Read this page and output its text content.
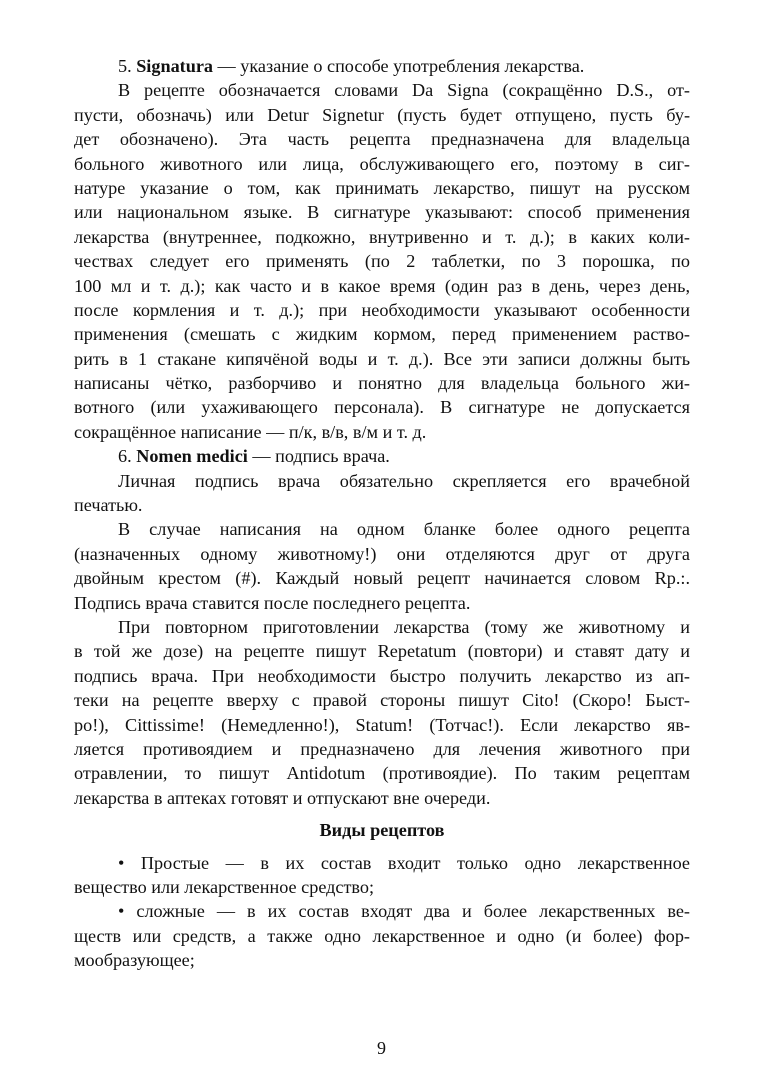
5. Signatura — указание о способе употребления лекарства.
В рецепте обозначается словами Da Signa (сокращённо D.S., от-
пусти, обозначь) или Detur Signetur (пусть будет отпущено, пусть бу-
дет обозначено). Эта часть рецепта предназначена для владельца
больного животного или лица, обслуживающего его, поэтому в сиг-
натуре указание о том, как принимать лекарство, пишут на русском
или национальном языке. В сигнатуре указывают: способ применения
лекарства (внутреннее, подкожно, внутривенно и т. д.); в каких коли-
чествах следует его применять (по 2 таблетки, по 3 порошка, по
100 мл и т. д.); как часто и в какое время (один раз в день, через день,
после кормления и т. д.); при необходимости указывают особенности
применения (смешать с жидким кормом, перед применением раство-
рить в 1 стакане кипячёной воды и т. д.). Все эти записи должны быть
написаны чётко, разборчиво и понятно для владельца больного жи-
вотного (или ухаживающего персонала). В сигнатуре не допускается
сокращённое написание — п/к, в/в, в/м и т. д.
6. Nomen medici — подпись врача.
Личная подпись врача обязательно скрепляется его врачебной
печатью.
В случае написания на одном бланке более одного рецепта
(назначенных одному животному!) они отделяются друг от друга
двойным крестом (#). Каждый новый рецепт начинается словом Rp.:.
Подпись врача ставится после последнего рецепта.
При повторном приготовлении лекарства (тому же животному и
в той же дозе) на рецепте пишут Repetatum (повтори) и ставят дату и
подпись врача. При необходимости быстро получить лекарство из ап-
теки на рецепте вверху с правой стороны пишут Cito! (Скоро! Быст-
ро!), Cittissime! (Немедленно!), Statum! (Тотчас!). Если лекарство яв-
ляется противоядием и предназначено для лечения животного при
отравлении, то пишут Antidotum (противоядие). По таким рецептам
лекарства в аптеках готовят и отпускают вне очереди.
Виды рецептов
• Простые — в их состав входит только одно лекарственное
вещество или лекарственное средство;
• сложные — в их состав входят два и более лекарственных ве-
ществ или средств, а также одно лекарственное и одно (и более) фор-
мообразующее;
9
